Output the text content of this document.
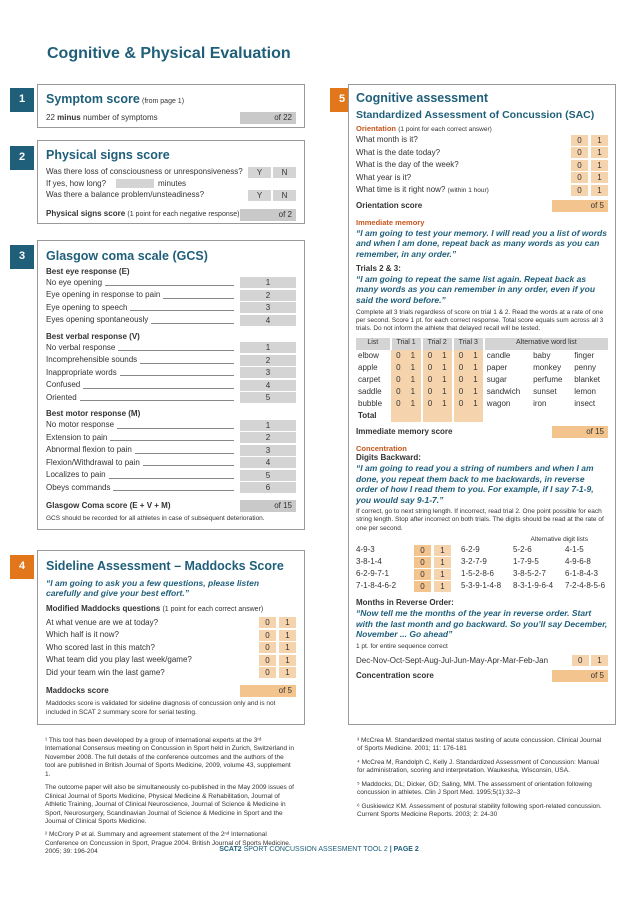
Cognitive & Physical Evaluation
1	Symptom score (from page 1)
22 minus number of symptoms	of 22
2	Physical signs score
Was there loss of consciousness or unresponsiveness?	Y N
If yes, how long?	minutes
Was there a balance problem/unsteadiness?	Y N
Physical signs score (1 point for each negative response)	of 2
3	Glasgow coma scale (GCS)
Best eye response (E)
No eye opening	1
Eye opening in response to pain	2
Eye opening to speech	3
Eyes opening spontaneously	4
Best verbal response (V)
No verbal response	1
Incomprehensible sounds	2
Inappropriate words	3
Confused	4
Oriented	5
Best motor response (M)
No motor response	1
Extension to pain	2
Abnormal flexion to pain	3
Flexion/Withdrawal to pain	4
Localizes to pain	5
Obeys commands	6
Glasgow Coma score (E + V + M)	of 15
GCS should be recorded for all athletes in case of subsequent deterioration.
4	Sideline Assessment – Maddocks Score
“I am going to ask you a few questions, please listen carefully and give your best effort.”
Modified Maddocks questions (1 point for each correct answer)
At what venue are we at today?	0	1
Which half is it now?	0	1
Who scored last in this match?	0	1
What team did you play last week/game?	0	1
Did your team win the last game?	0	1
Maddocks score	of 5
Maddocks score is validated for sideline diagnosis of concussion only and is not included in SCAT 2 summary score for serial testing.
5 Cognitive assessment
Standardized Assessment of Concussion (SAC)
Orientation (1 point for each correct answer)
What month is it?	0	1
What is the date today?	0	1
What is the day of the week?	0	1
What year is it?	0	1
What time is it right now? (within 1 hour)	0	1
Orientation score	of 5
Immediate memory
“I am going to test your memory. I will read you a list of words and when I am done, repeat back as many words as you can remember, in any order.”
Trials 2 & 3:
“I am going to repeat the same list again. Repeat back as many words as you can remember in any order, even if you said the word before.”
Complete all 3 trials regardless of score on trial 1 & 2. Read the words at a rate of one per second. Score 1 pt. for each correct response. Total score equals sum across all 3 trials. Do not inform the athlete that delayed recall will be tested.
List	Trial 1	Trial 2	Trial 3	Alternative word list		
elbow	0 1	0 1	0 1	candle	baby	finger
apple	0 1	0 1	0 1	paper	monkey	penny
carpet	0 1	0 1	0 1	sugar	perfume	blanket
saddle	0 1	0 1	0 1	sandwich	sunset	lemon
bubble	0 1	0 1	0 1	wagon	iron	insect
Total						
Immediate memory score	of 15
Concentration
Digits Backward:
“I am going to read you a string of numbers and when I am done, you repeat them back to me backwards, in reverse order of how I read them to you. For example, if I say 7-1-9, you would say 9-1-7.”
If correct, go to next string length. If incorrect, read trial 2. One point possible for each string length. Stop after incorrect on both trials. The digits should be read at the rate of one per second.
Alternative digit lists
4-9-3	0	1	6-2-9	5-2-6	4-1-5
3-8-1-4	0	1	3-2-7-9	1-7-9-5	4-9-6-8
6-2-9-7-1	0	1	1-5-2-8-6	3-8-5-2-7	6-1-8-4-3
7-1-8-4-6-2	0	1	5-3-9-1-4-8	8-3-1-9-6-4	7-2-4-8-5-6
Months in Reverse Order:
“Now tell me the months of the year in reverse order. Start with the last month and go backward. So you’ll say December, November ... Go ahead”
1 pt. for entire sequence correct
Dec-Nov-Oct-Sept-Aug-Jul-Jun-May-Apr-Mar-Feb-Jan	0 1
Concentration score	of 5
¹ This tool has been developed by a group of international experts at the 3ʳᵈ International Consensus meeting on Concussion in Sport held in Zurich, Switzerland in November 2008. The full details of the conference outcomes and the authors of the tool are published in British Journal of Sports Medicine, 2009, volume 43, supplement 1.
The outcome paper will also be simultaneously co-published in the May 2009 issues of Clinical Journal of Sports Medicine, Physical Medicine & Rehabilitation, Journal of Athletic Training, Journal of Clinical Neuroscience, Journal of Science & Medicine in Sport, Neurosurgery, Scandinavian Journal of Science & Medicine in Sport and the Journal of Clinical Sports Medicine.
² McCrory P et al. Summary and agreement statement of the 2ⁿᵈ International Conference on Concussion in Sport, Prague 2004. British Journal of Sports Medicine. 2005; 39: 196-204
³ McCrea M. Standardized mental status testing of acute concussion. Clinical Journal of Sports Medicine. 2001; 11: 176-181
⁴ McCrea M, Randolph C, Kelly J. Standardized Assessment of Concussion: Manual for administration, scoring and interpretation. Waukesha, Wisconsin, USA.
⁵ Maddocks, DL; Dicker, GD; Saling, MM. The assessment of orientation following concussion in athletes. Clin J Sport Med. 1995;5(1):32–3
⁶ Guskiewicz KM. Assessment of postural stability following sport-related concussion. Current Sports Medicine Reports. 2003; 2: 24-30
SCAT2 SPORT CONCUSSION ASSESMENT TOOL 2 | PAGE 2
